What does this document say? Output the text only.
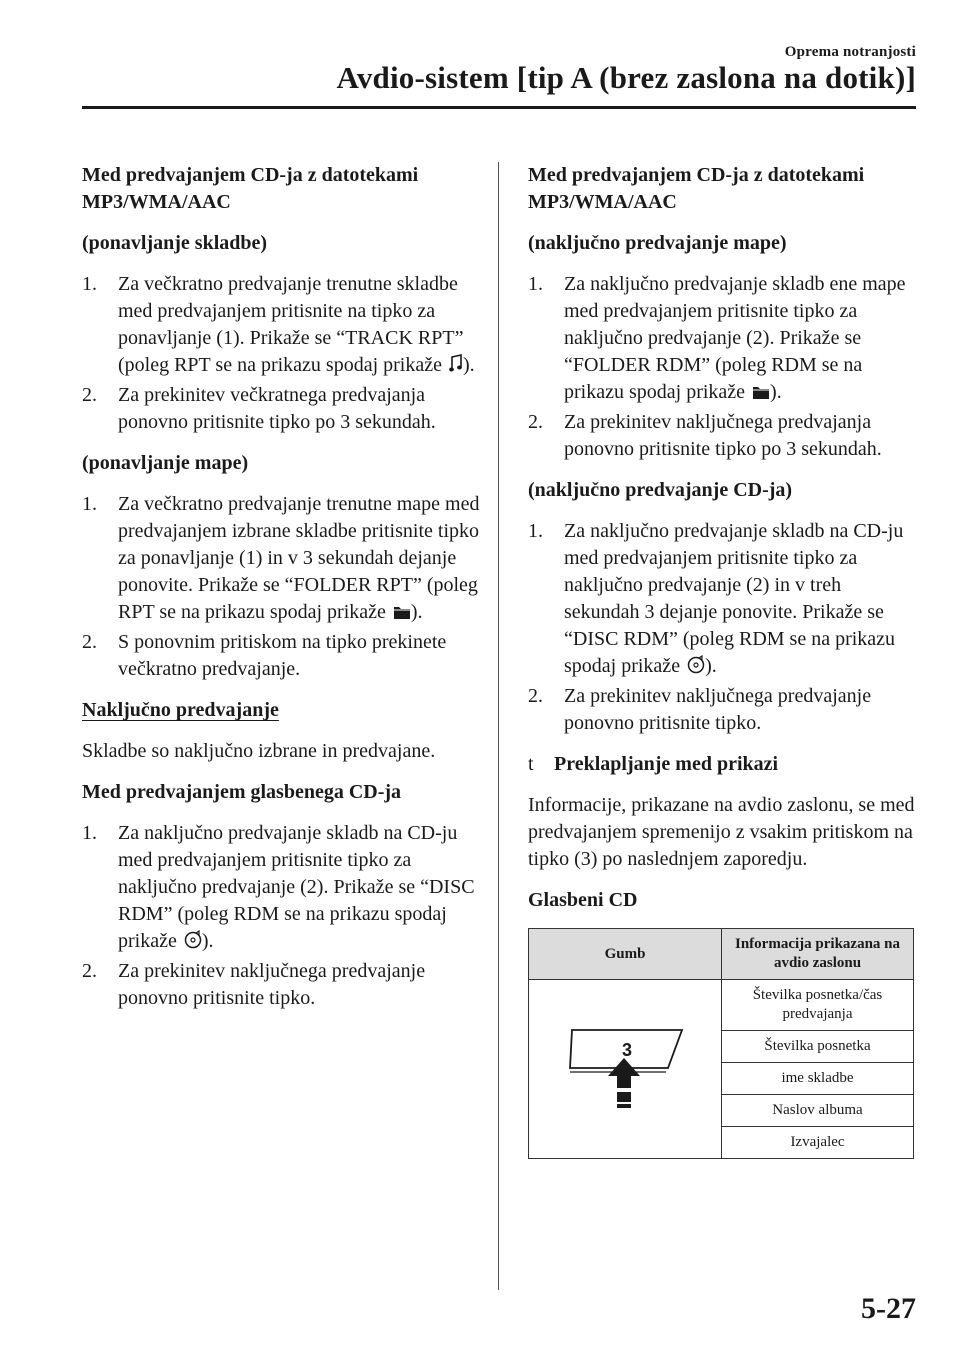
Oprema notranjosti
Avdio-sistem [tip A (brez zaslona na dotik)]
Med predvajanjem CD-ja z datotekami MP3/WMA/AAC
(ponavljanje skladbe)
1. Za večkratno predvajanje trenutne skladbe med predvajanjem pritisnite na tipko za ponavljanje (1). Prikaže se “TRACK RPT” (poleg RPT se na prikazu spodaj prikaže ).
2. Za prekinitev večkratnega predvajanja ponovno pritisnite tipko po 3 sekundah.
(ponavljanje mape)
1. Za večkratno predvajanje trenutne mape med predvajanjem izbrane skladbe pritisnite tipko za ponavljanje (1) in v 3 sekundah dejanje ponovite. Prikaže se “FOLDER RPT” (poleg RPT se na prikazu spodaj prikaže ).
2. S ponovnim pritiskom na tipko prekinete večkratno predvajanje.
Naključno predvajanje

Skladbe so naključno izbrane in predvajane.

Med predvajanjem glasbenega CD-ja
1. Za naključno predvajanje skladb na CD-ju med predvajanjem pritisnite tipko za naključno predvajanje (2). Prikaže se “DISC RDM” (poleg RDM se na prikazu spodaj prikaže ).
2. Za prekinitev naključnega predvajanje ponovno pritisnite tipko.
Med predvajanjem CD-ja z datotekami MP3/WMA/AAC
(naključno predvajanje mape)
1. Za naključno predvajanje skladb ene mape med predvajanjem pritisnite tipko za naključno predvajanje (2). Prikaže se “FOLDER RDM” (poleg RDM se na prikazu spodaj prikaže ).
2. Za prekinitev naključnega predvajanja ponovno pritisnite tipko po 3 sekundah.
(naključno predvajanje CD-ja)
1. Za naključno predvajanje skladb na CD-ju med predvajanjem pritisnite tipko za naključno predvajanje (2) in v treh sekundah 3 dejanje ponovite. Prikaže se “DISC RDM” (poleg RDM se na prikazu spodaj prikaže ).
2. Za prekinitev naključnega predvajanje ponovno pritisnite tipko.
t	Preklapljanje med prikazi

Informacije, prikazane na avdio zaslonu, se med predvajanjem spremenijo z vsakim pritiskom na tipko (3) po naslednjem zaporedju.

Glasbeni CD
Gumb	Informacija prikazana na avdio zaslonu

3	Številka posnetka/čas predvajanja
	Številka posnetka
	ime skladbe
	Naslov albuma
	Izvajalec
5-27
